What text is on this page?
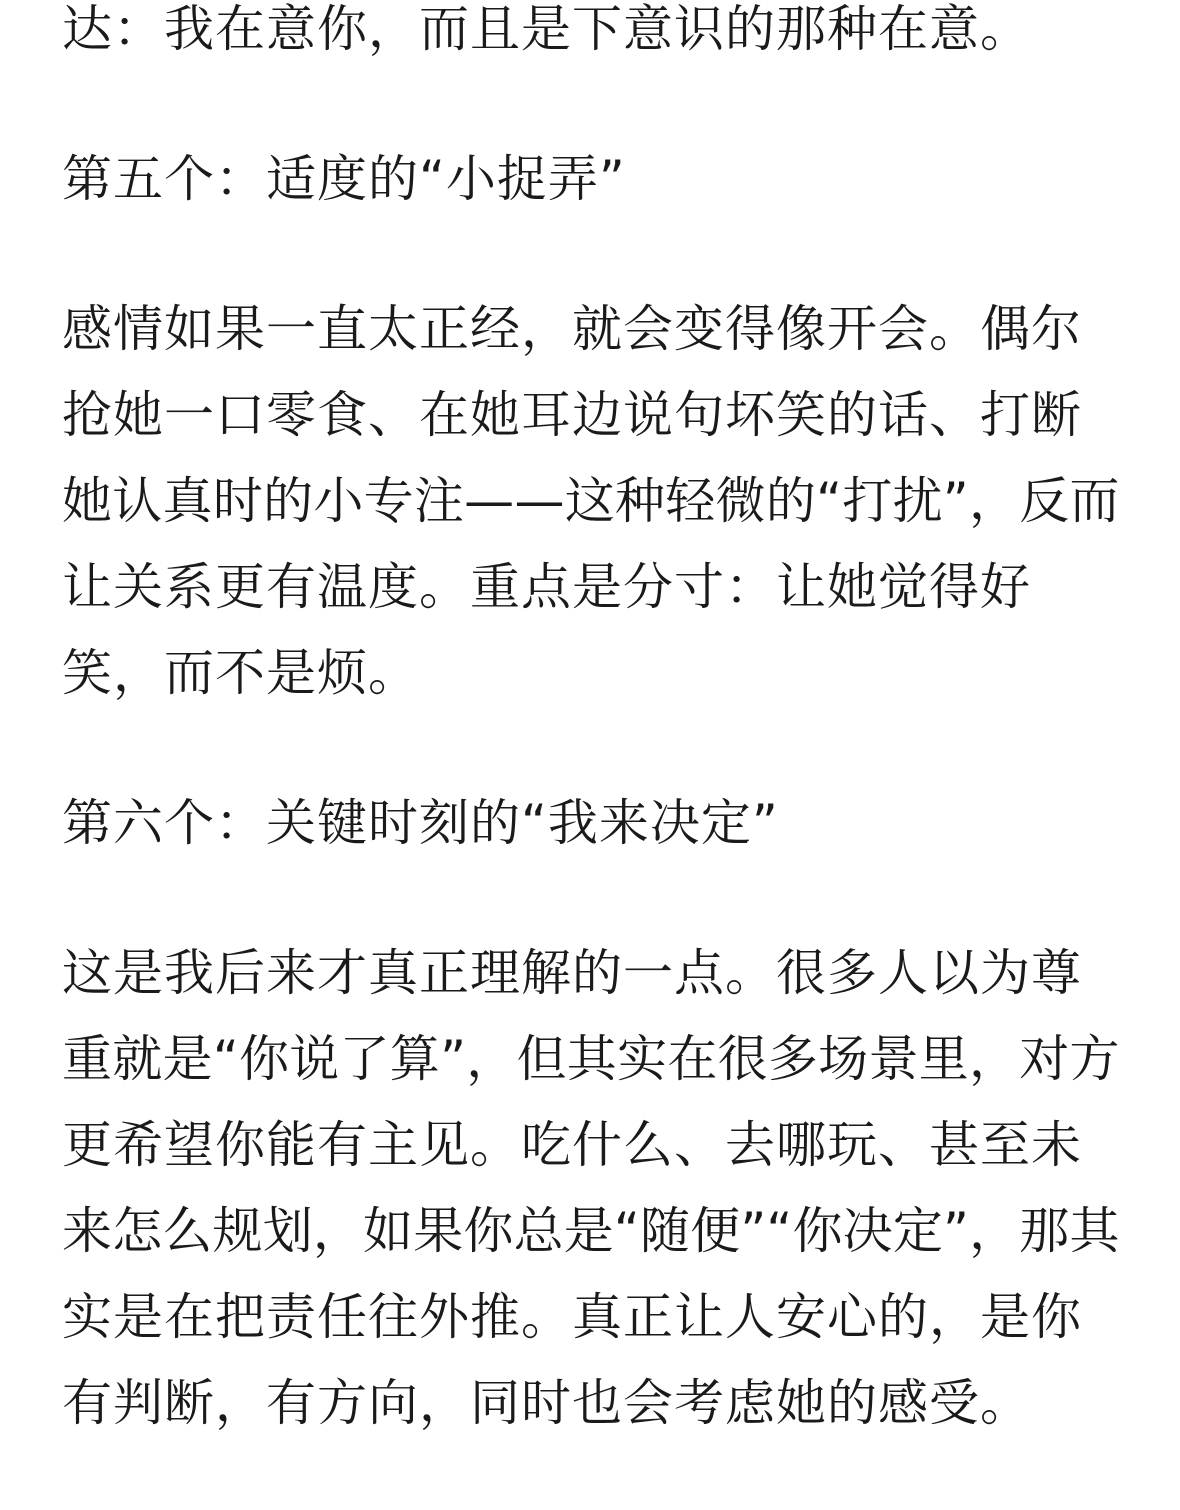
达：我在意你，而且是下意识的那种在意。

第五个：适度的“小捉弄”

感情如果一直太正经，就会变得像开会。偶尔
抢她一口零食、在她耳边说句坏笑的话、打断
她认真时的小专注——这种轻微的“打扰”，反而
让关系更有温度。重点是分寸：让她觉得好
笑，而不是烦。

第六个：关键时刻的“我来决定”

这是我后来才真正理解的一点。很多人以为尊
重就是“你说了算”，但其实在很多场景里，对方
更希望你能有主见。吃什么、去哪玩、甚至未
来怎么规划，如果你总是“随便”“你决定”，那其
实是在把责任往外推。真正让人安心的，是你
有判断，有方向，同时也会考虑她的感受。
